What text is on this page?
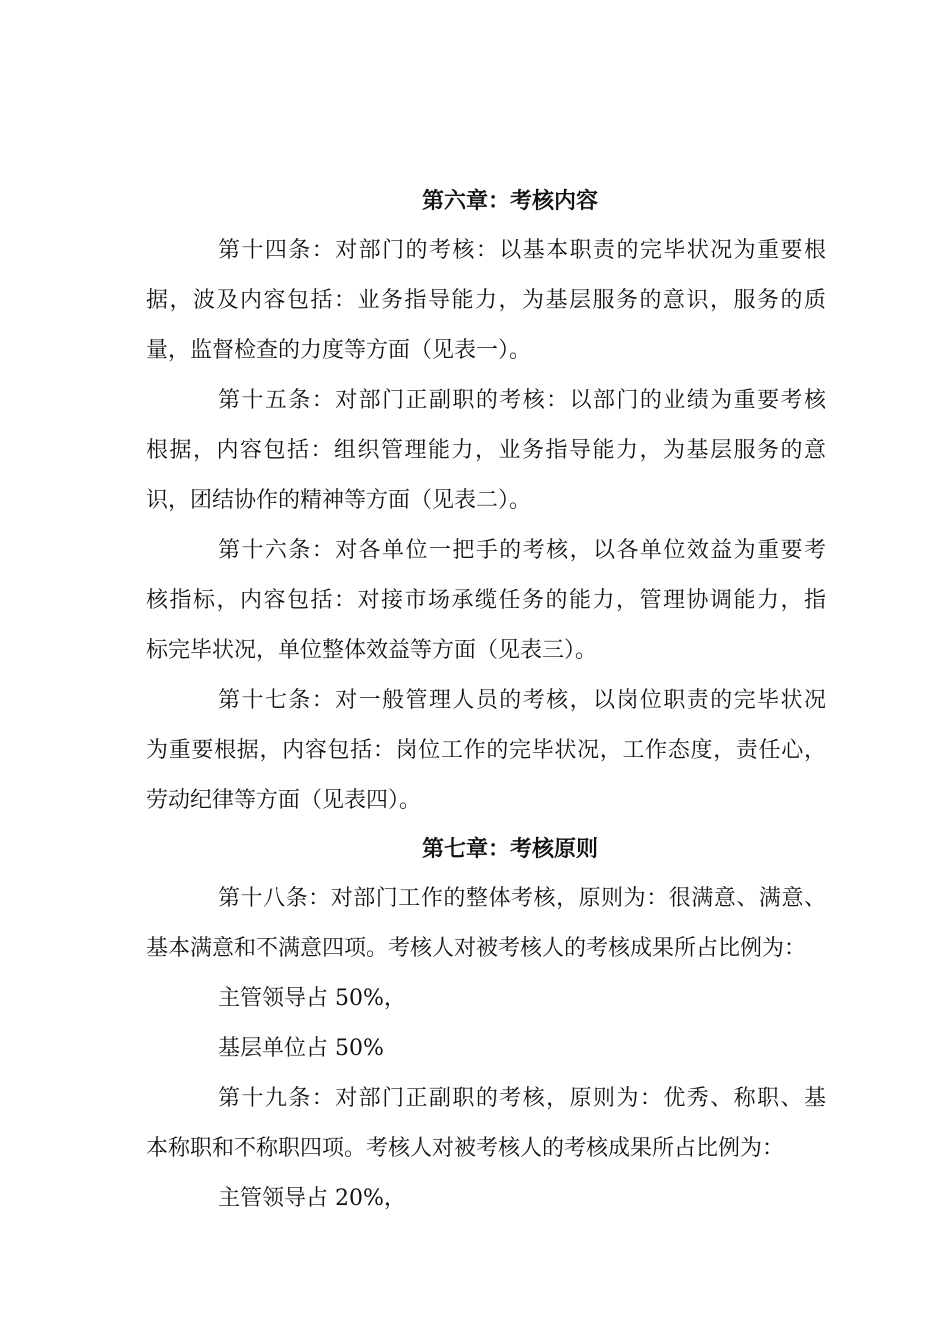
第六章：考核内容
第十四条：对部门的考核：以基本职责的完毕状况为重要根
据，波及内容包括：业务指导能力，为基层服务的意识，服务的质
量，监督检查的力度等方面（见表一）。
第十五条：对部门正副职的考核：以部门的业绩为重要考核
根据，内容包括：组织管理能力，业务指导能力，为基层服务的意
识，团结协作的精神等方面（见表二）。
第十六条：对各单位一把手的考核，以各单位效益为重要考
核指标，内容包括：对接市场承缆任务的能力，管理协调能力，指
标完毕状况，单位整体效益等方面（见表三）。
第十七条：对一般管理人员的考核，以岗位职责的完毕状况
为重要根据，内容包括：岗位工作的完毕状况，工作态度，责任心，
劳动纪律等方面（见表四）。
第七章：考核原则
第十八条：对部门工作的整体考核，原则为：很满意、满意、
基本满意和不满意四项。考核人对被考核人的考核成果所占比例为：
主管领导占 50%，
基层单位占 50%
第十九条：对部门正副职的考核，原则为：优秀、称职、基
本称职和不称职四项。考核人对被考核人的考核成果所占比例为：
主管领导占 20%，
